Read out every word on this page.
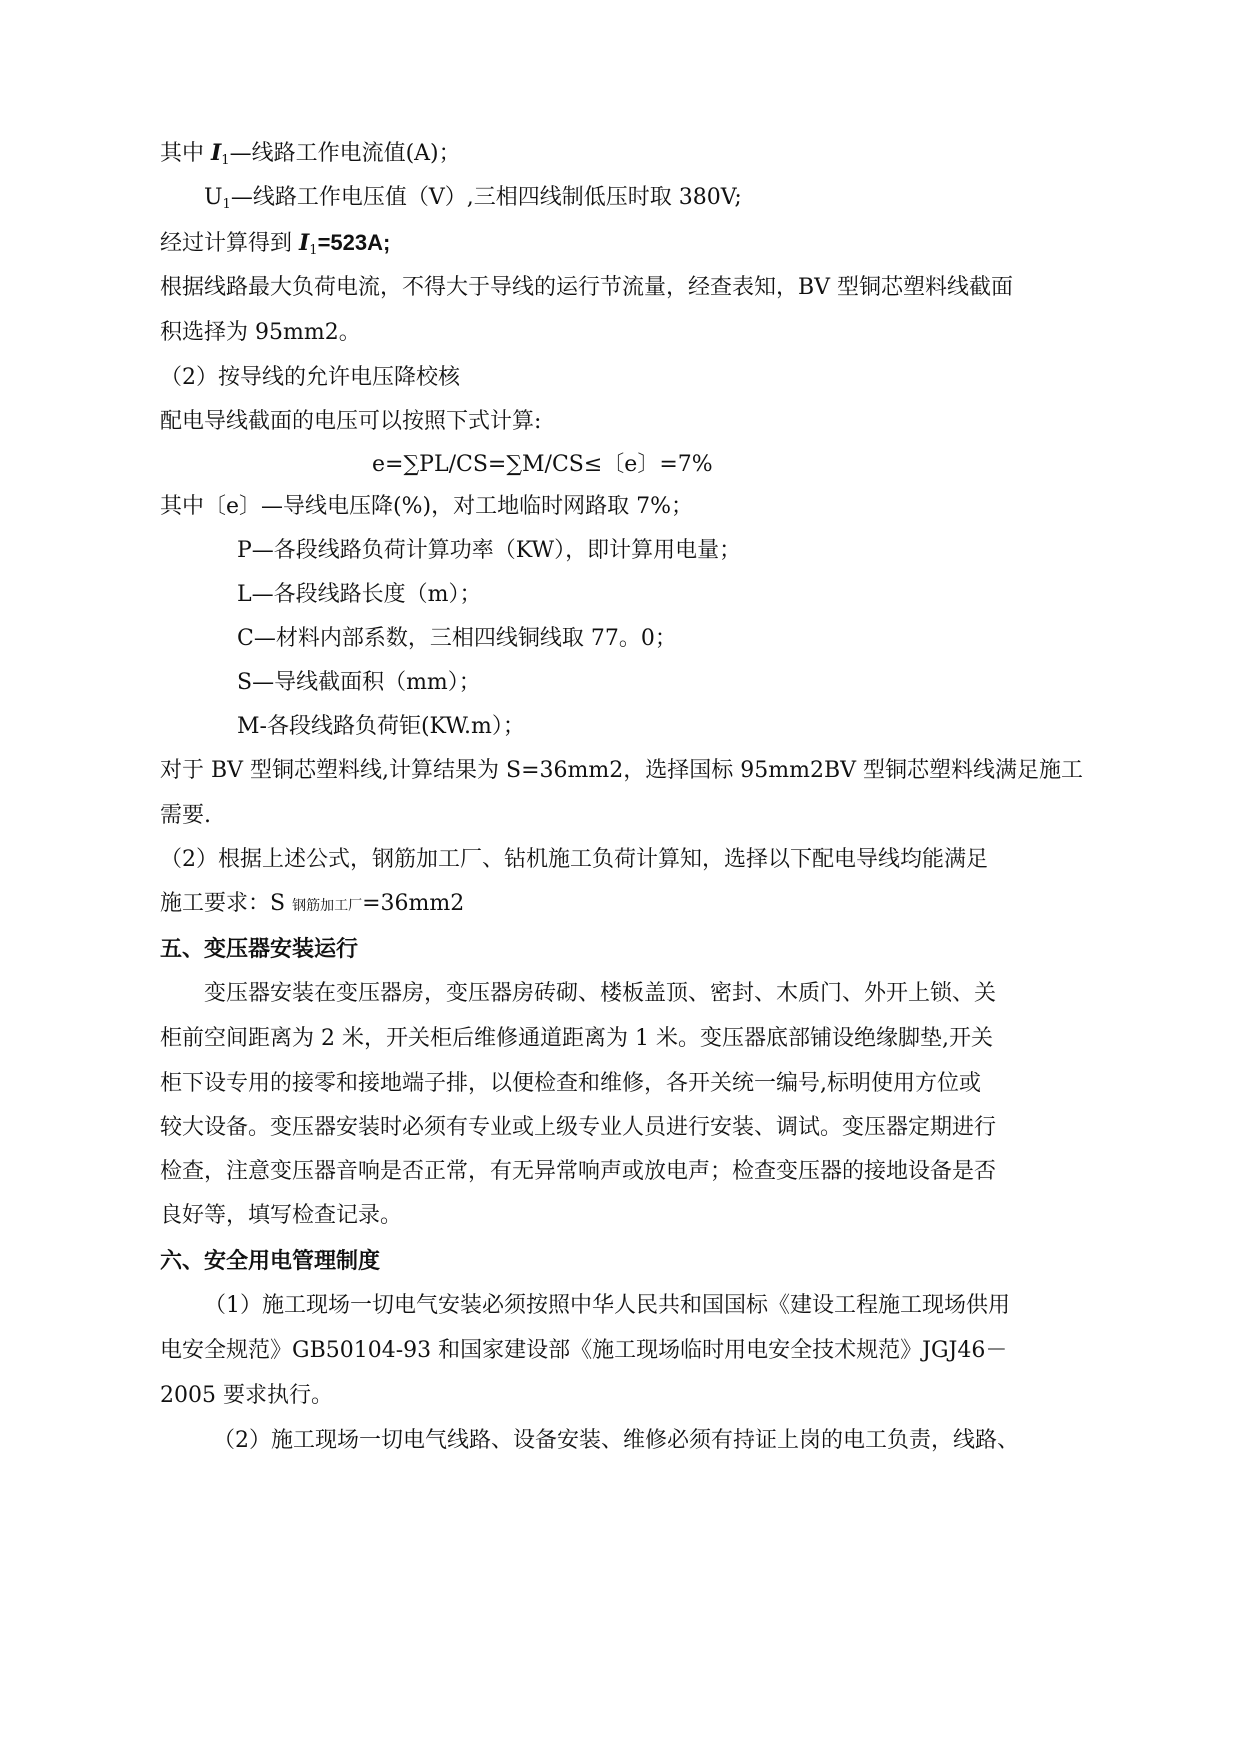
其中 I1—线路工作电流值(A)；
U1—线路工作电压值（V）,三相四线制低压时取 380V;
经过计算得到 I1=523A;
根据线路最大负荷电流，不得大于导线的运行节流量，经查表知，BV 型铜芯塑料线截面
积选择为 95mm2。
（2）按导线的允许电压降校核
配电导线截面的电压可以按照下式计算:
e=∑PL/CS=∑M/CS≤〔e〕=7%
其中〔e〕—导线电压降(%)，对工地临时网路取 7%；
P—各段线路负荷计算功率（KW），即计算用电量；
L—各段线路长度（m）；
C—材料内部系数，三相四线铜线取 77。0；
S—导线截面积（mm）；
M-各段线路负荷钜(KW.m）；
对于 BV 型铜芯塑料线,计算结果为 S=36mm2，选择国标 95mm2BV 型铜芯塑料线满足施工
需要.
（2）根据上述公式，钢筋加工厂、钻机施工负荷计算知，选择以下配电导线均能满足
施工要求：S 钢筋加工厂=36mm2
五、变压器安装运行
变压器安装在变压器房，变压器房砖砌、楼板盖顶、密封、木质门、外开上锁、关
柜前空间距离为 2 米，开关柜后维修通道距离为 1 米。变压器底部铺设绝缘脚垫,开关
柜下设专用的接零和接地端子排，以便检查和维修，各开关统一编号,标明使用方位或
较大设备。变压器安装时必须有专业或上级专业人员进行安装、调试。变压器定期进行
检查，注意变压器音响是否正常，有无异常响声或放电声；检查变压器的接地设备是否
良好等，填写检查记录。
六、安全用电管理制度
（1）施工现场一切电气安装必须按照中华人民共和国国标《建设工程施工现场供用
电安全规范》GB50104-93 和国家建设部《施工现场临时用电安全技术规范》JGJ46－
2005 要求执行。
（2）施工现场一切电气线路、设备安装、维修必须有持证上岗的电工负责，线路、
